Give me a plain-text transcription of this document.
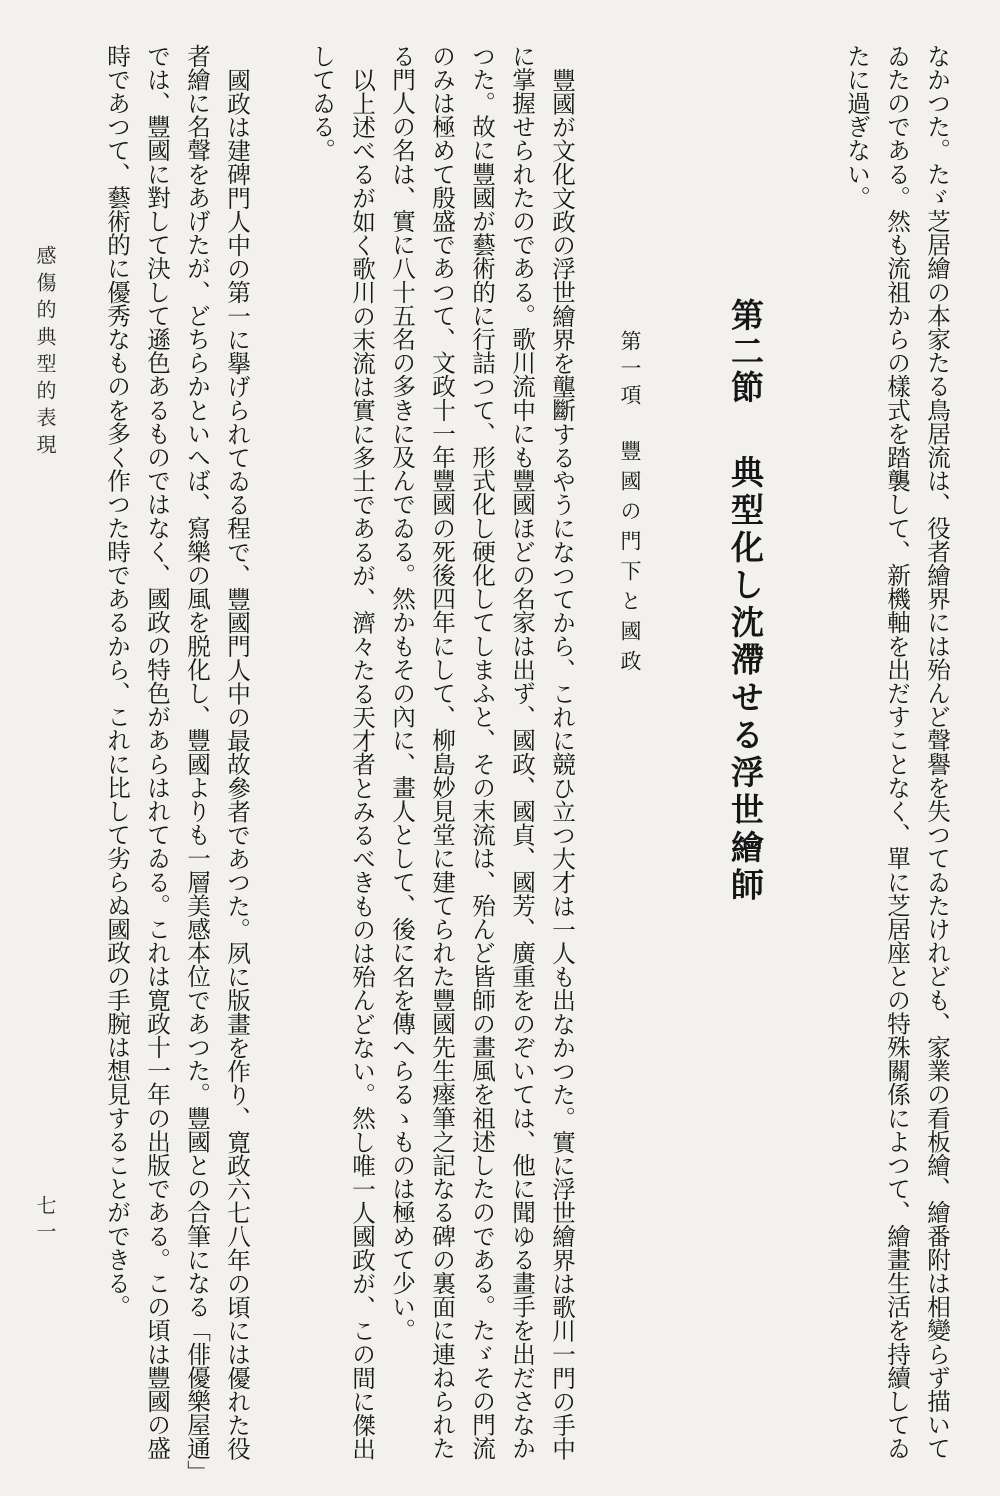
なかつた。たゞ芝居繪の本家たる鳥居流は、役者繪界には殆んど聲譽を失つてゐたけれども、家業の看板繪、繪番附は相變らず描いて
ゐたのである。然も流祖からの樣式を踏襲して、新機軸を出だすことなく、單に芝居座との特殊關係によつて、繪畫生活を持續してゐ
たに過ぎない。
第二節
典型化し沈滯せる浮世繪師
第一項
豐國の門下と國政
豐國が文化文政の浮世繪界を壟斷するやうになつてから、これに競ひ立つ大才は一人も出なかつた。實に浮世繪界は歌川一門の手中
に掌握せられたのである。歌川流中にも豐國ほどの名家は出ず、國政、國貞、國芳、廣重をのぞいては、他に聞ゆる畫手を出ださなか
つた。故に豐國が藝術的に行詰つて、形式化し硬化してしまふと、その末流は、殆んど皆師の畫風を祖述したのである。たゞその門流
のみは極めて殷盛であつて、文政十一年豐國の死後四年にして、柳島妙見堂に建てられた豐國先生瘞筆之記なる碑の裏面に連ねられた
る門人の名は、實に八十五名の多きに及んでゐる。然かもその內に、畫人として、後に名を傳へらるゝものは極めて少い。
以上述べるが如く歌川の末流は實に多士であるが、濟々たる天才者とみるべきものは殆んどない。然し唯一人國政が、この間に傑出
してゐる。
國政は建碑門人中の第一に擧げられてゐる程で、豐國門人中の最故參者であつた。夙に版畫を作り、寛政六七八年の頃には優れた役
者繪に名聲をあげたが、どちらかといへば、寫樂の風を脱化し、豐國よりも一層美感本位であつた。豐國との合筆になる「俳優樂屋通」
では、豐國に對して決して遜色あるものではなく、國政の特色があらはれてゐる。これは寛政十一年の出版である。この頃は豐國の盛
時であつて、藝術的に優秀なものを多く作つた時であるから、これに比して劣らぬ國政の手腕は想見することができる。
感傷的典型的表現
七一
